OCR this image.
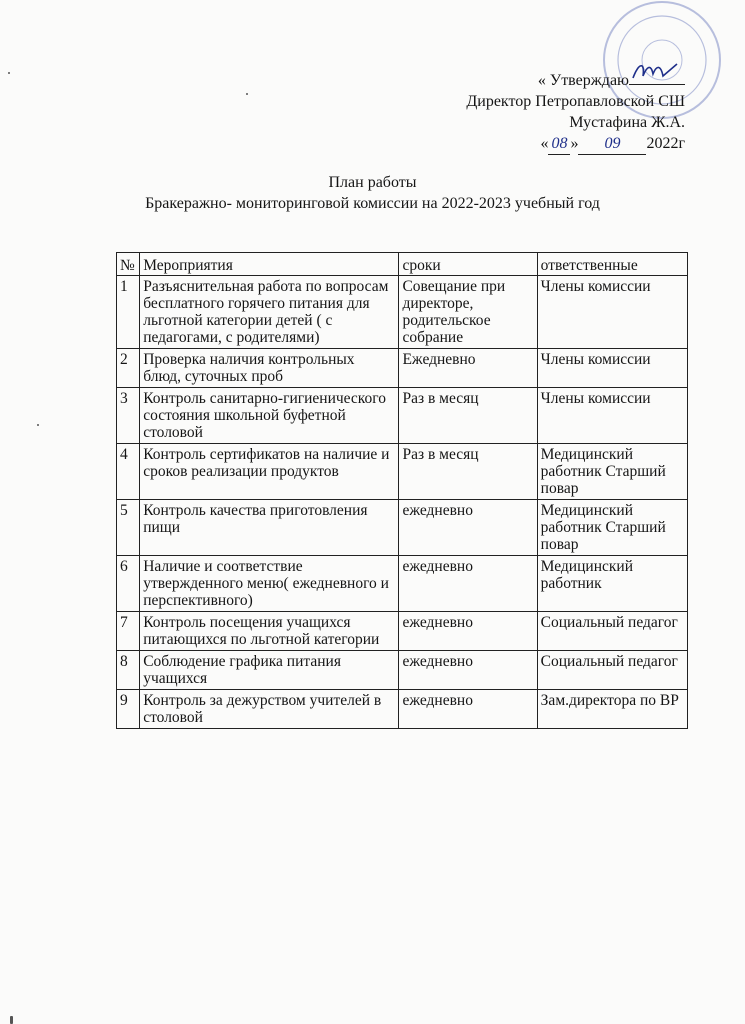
« Утверждаю
Директор Петропавловской СШ
Мустафина Ж.А.
« 08 » 09 2022г
План работы
Бракеражно- мониторинговой комиссии на 2022-2023 учебный год
№	Мероприятия	сроки	ответственные
1	Разъяснительная работа по вопросам бесплатного горячего питания для льготной категории детей ( с педагогами, с родителями)	Совещание при директоре, родительское собрание	Члены комиссии
2	Проверка наличия контрольных блюд, суточных проб	Ежедневно	Члены комиссии
3	Контроль санитарно-гигиенического состояния школьной буфетной столовой	Раз в месяц	Члены комиссии
4	Контроль сертификатов на наличие и сроков реализации продуктов	Раз в месяц	Медицинский работник Старший повар
5	Контроль качества приготовления пищи	ежедневно	Медицинский работник Старший повар
6	Наличие и соответствие утвержденного меню( ежедневного и перспективного)	ежедневно	Медицинский работник
7	Контроль посещения учащихся питающихся по льготной категории	ежедневно	Социальный педагог
8	Соблюдение графика питания учащихся	ежедневно	Социальный педагог
9	Контроль за дежурством учителей в столовой	ежедневно	Зам.директора по ВР
